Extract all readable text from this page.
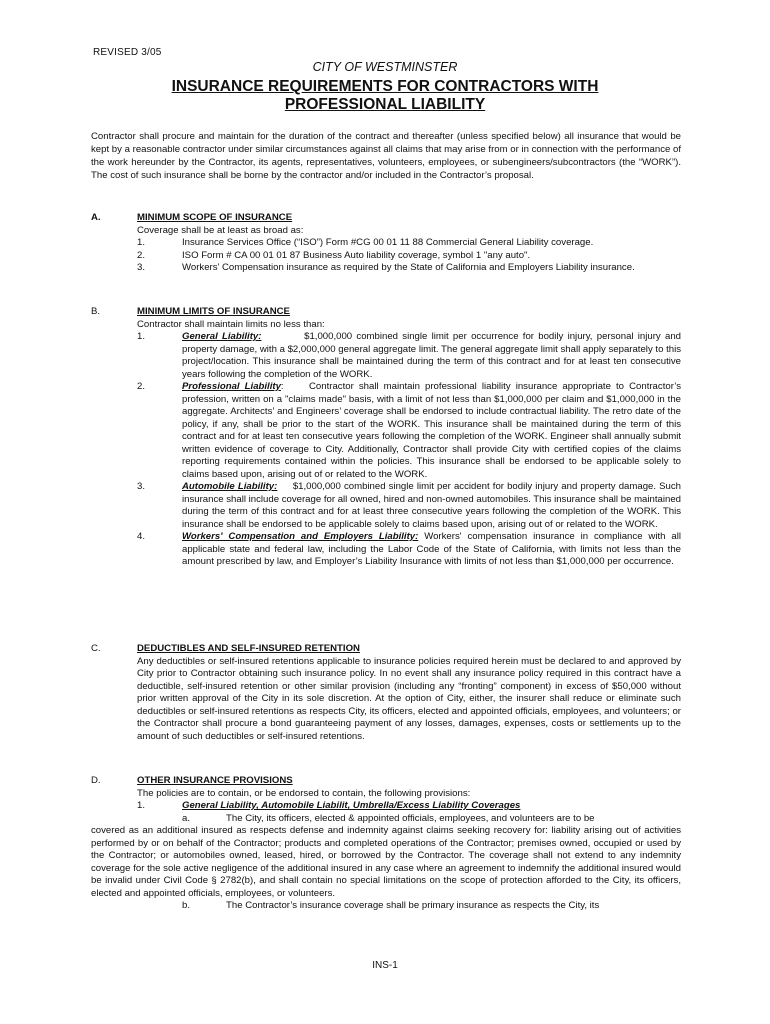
REVISED 3/05
CITY OF WESTMINSTER
INSURANCE REQUIREMENTS FOR CONTRACTORS WITH
PROFESSIONAL LIABILITY
Contractor shall procure and maintain for the duration of the contract and thereafter (unless specified below) all insurance that would be kept by a reasonable contractor under similar circumstances against all claims that may arise from or in connection with the performance of the work hereunder by the Contractor, its agents, representatives, volunteers, employees, or subengineers/subcontractors (the “WORK”). The cost of such insurance shall be borne by the contractor and/or included in the Contractor’s proposal.
A.	MINIMUM SCOPE OF INSURANCE
Coverage shall be at least as broad as:
1.	Insurance Services Office (“ISO”) Form #CG 00 01 11 88 Commercial General Liability coverage.
2.	ISO Form # CA 00 01 01 87 Business Auto liability coverage, symbol 1 "any auto".
3.	Workers’ Compensation insurance as required by the State of California and Employers Liability insurance.
B.	MINIMUM LIMITS OF INSURANCE
Contractor shall maintain limits no less than:
1.	General Liability:          $1,000,000 combined single limit per occurrence for bodily injury, personal injury and property damage, with a $2,000,000 general aggregate limit. The general aggregate limit shall apply separately to this project/location. This insurance shall be maintained during the term of this contract and for at least ten consecutive years following the completion of the WORK.
2.	Professional Liability:     Contractor shall maintain professional liability insurance appropriate to Contractor’s profession, written on a "claims made" basis, with a limit of not less than $1,000,000 per claim and $1,000,000 in the aggregate. Architects’ and Engineers’ coverage shall be endorsed to include contractual liability. The retro date of the policy, if any, shall be prior to the start of the WORK. This insurance shall be maintained during the term of this contract and for at least ten consecutive years following the completion of the WORK. Engineer shall annually submit written evidence of coverage to City. Additionally, Contractor shall provide City with certified copies of the claims reporting requirements contained within the policies. This insurance shall be endorsed to be applicable solely to claims based upon, arising out of or related to the WORK.
3.	Automobile Liability:     $1,000,000 combined single limit per accident for bodily injury and property damage. Such insurance shall include coverage for all owned, hired and non-owned automobiles. This insurance shall be maintained during the term of this contract and for at least three consecutive years following the completion of the WORK. This insurance shall be endorsed to be applicable solely to claims based upon, arising out of or related to the WORK.
4.	Workers' Compensation and Employers Liability: Workers' compensation insurance in compliance with all applicable state and federal law, including the Labor Code of the State of California, with limits not less than the amount prescribed by law, and Employer’s Liability Insurance with limits of not less than $1,000,000 per occurrence.
C.	DEDUCTIBLES AND SELF-INSURED RETENTION
Any deductibles or self-insured retentions applicable to insurance policies required herein must be declared to and approved by City prior to Contractor obtaining such insurance policy. In no event shall any insurance policy required in this contract have a deductible, self-insured retention or other similar provision (including any “fronting” component) in excess of $50,000 without prior written approval of the City in its sole discretion. At the option of City, either, the insurer shall reduce or eliminate such deductibles or self-insured retentions as respects City, its officers, elected and appointed officials, employees, and volunteers; or the Contractor shall procure a bond guaranteeing payment of any losses, damages, expenses, costs or settlements up to the amount of such deductibles or self-insured retentions.
D.	OTHER INSURANCE PROVISIONS
The policies are to contain, or be endorsed to contain, the following provisions:
1.	General Liability, Automobile Liabilit, Umbrella/Excess Liability Coverages
a.	The City, its officers, elected & appointed officials, employees, and volunteers are to be
covered as an additional insured as respects defense and indemnity against claims seeking recovery for: liability arising out of activities performed by or on behalf of the Contractor; products and completed operations of the Contractor; premises owned, occupied or used by the Contractor; or automobiles owned, leased, hired, or borrowed by the Contractor. The coverage shall not extend to any indemnity coverage for the sole active negligence of the additional insured in any case where an agreement to indemnify the additional insured would be invalid under Civil Code § 2782(b), and shall contain no special limitations on the scope of protection afforded to the City, its officers, elected and appointed officials, employees, or volunteers.
b.	The Contractor’s insurance coverage shall be primary insurance as respects the City, its
INS-1
